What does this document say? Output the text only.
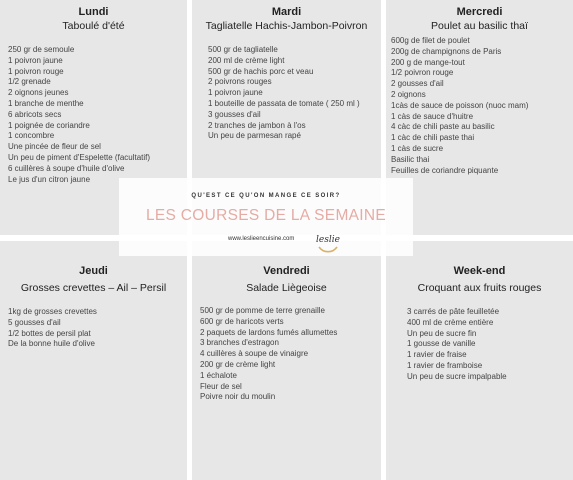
Lundi

Taboulé d'été

250 gr de semoule
1 poivron jaune
1 poivron rouge
1/2 grenade
2 oignons jeunes
1 branche de menthe
6 abricots secs
1 poignée de coriandre
1 concombre
Une pincée de fleur de sel
Un peu de piment d'Espelette (facultatif)
6 cuillères à soupe d'huile d'olive
Le jus d'un citron jaune

Mardi

Tagliatelle Hachis-Jambon-Poivron

500 gr de tagliatelle
200 ml de crème light
500 gr de hachis porc et veau
2 poivrons rouges
1 poivron jaune
1 bouteille de passata de tomate ( 250 ml )
3 gousses d'ail
2 tranches de jambon à l'os
Un peu de parmesan rapé

Mercredi

Poulet au basilic thaï

600g de filet de poulet
200g de champignons de Paris
200 g de mange-tout
1/2 poivron rouge
2 gousses d'ail
2 oignons
1càs de sauce de poisson (nuoc mam)
1 càs de sauce d'huitre
4 càc de chili paste au basilic
1 càc de chili paste thai
1 càs de sucre
Basilic thai
Feuilles de coriandre piquante

Jeudi

Grosses crevettes – Ail – Persil

1kg de grosses crevettes
5 gousses d'ail
1/2 bottes de persil plat
De la bonne huile d'olive

Vendredi

Salade Liègeoise

500 gr de pomme de terre grenaille
600 gr de haricots verts
2 paquets de lardons fumés allumettes
3 branches d'estragon
4 cuillères à soupe de vinaigre
200 gr de crème light
1 échalote
Fleur de sel
Poivre noir du moulin

Week-end

Croquant aux fruits rouges

3 carrés de pâte feuilletée
400 ml de crème entière
Un peu de sucre fin
1 gousse de vanille
1 ravier de fraise
1 ravier de framboise
Un peu de sucre impalpable
QU'EST CE QU'ON MANGE CE SOIR?
LES COURSES DE LA SEMAINE
www.leslieencuisine.com leslie
